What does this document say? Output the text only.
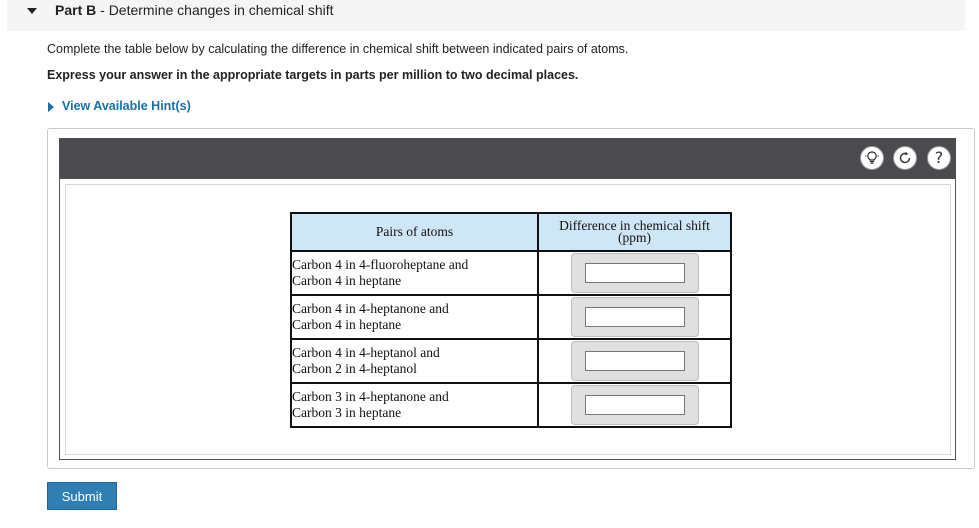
Part B - Determine changes in chemical shift
Complete the table below by calculating the difference in chemical shift between indicated pairs of atoms.
Express your answer in the appropriate targets in parts per million to two decimal places.
View Available Hint(s)
?
Pairs of atoms	Difference in chemical shift
(ppm)

Carbon 4 in 4-fluoroheptane and
Carbon 4 in heptane

Carbon 4 in 4-heptanone and
Carbon 4 in heptane

Carbon 4 in 4-heptanol and
Carbon 2 in 4-heptanol

Carbon 3 in 4-heptanone and
Carbon 3 in heptane

Submit
